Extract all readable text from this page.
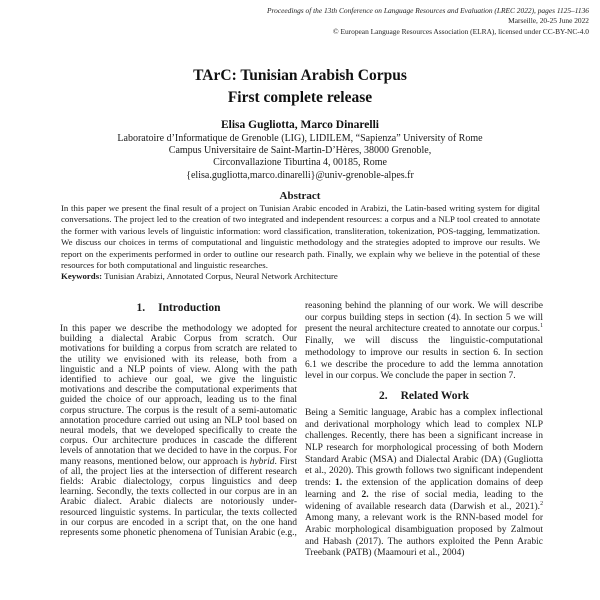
Proceedings of the 13th Conference on Language Resources and Evaluation (LREC 2022), pages 1125–1136
Marseille, 20-25 June 2022
© European Language Resources Association (ELRA), licensed under CC-BY-NC-4.0
TArC: Tunisian Arabish Corpus
First complete release
Elisa Gugliotta, Marco Dinarelli
Laboratoire d’Informatique de Grenoble (LIG), LIDILEM, “Sapienza” University of Rome
Campus Universitaire de Saint-Martin-D’Hères, 38000 Grenoble,
Circonvallazione Tiburtina 4, 00185, Rome
{elisa.gugliotta,marco.dinarelli}@univ-grenoble-alpes.fr
Abstract

In this paper we present the final result of a project on Tunisian Arabic encoded in Arabizi, the Latin-based writing system for digital conversations. The project led to the creation of two integrated and independent resources: a corpus and a NLP tool created to annotate the former with various levels of linguistic information: word classification, transliteration, tokenization, POS-tagging, lemmatization. We discuss our choices in terms of computational and linguistic methodology and the strategies adopted to improve our results. We report on the experiments performed in order to outline our research path. Finally, we explain why we believe in the potential of these resources for both computational and linguistic researches.

Keywords: Tunisian Arabizi, Annotated Corpus, Neural Network Architecture

1. Introduction

In this paper we describe the methodology we adopted for building a dialectal Arabic Corpus from scratch. Our motivations for building a corpus from scratch are related to the utility we envisioned with its release, both from a linguistic and a NLP points of view. Along with the path identified to achieve our goal, we give the linguistic motivations and describe the computational experiments that guided the choice of our approach, leading us to the final corpus structure. The corpus is the result of a semi-automatic annotation procedure carried out using an NLP tool based on neural models, that we developed specifically to create the corpus. Our architecture produces in cascade the different levels of annotation that we decided to have in the corpus. For many reasons, mentioned below, our approach is hybrid. First of all, the project lies at the intersection of different research fields: Arabic dialectology, corpus linguistics and deep learning. Secondly, the texts collected in our corpus are in an Arabic dialect. Arabic dialects are notoriously under-resourced linguistic systems. In particular, the texts collected in our corpus are encoded in a script that, on the one hand represents some phonetic phenomena of Tunisian Arabic (e.g.,

reasoning behind the planning of our work. We will describe our corpus building steps in section (4). In section 5 we will present the neural architecture created to annotate our corpus.$^1$ Finally, we will discuss the linguistic-computational methodology to improve our results in section 6. In section 6.1 we describe the procedure to add the lemma annotation level in our corpus. We conclude the paper in section 7.

2. Related Work

Being a Semitic language, Arabic has a complex inflectional and derivational morphology which lead to complex NLP challenges. Recently, there has been a significant increase in NLP research for morphological processing of both Modern Standard Arabic (MSA) and Dialectal Arabic (DA) (Gugliotta et al., 2020). This growth follows two significant independent trends: 1. the extension of the application domains of deep learning and 2. the rise of social media, leading to the widening of available research data (Darwish et al., 2021).$^2$ Among many, a relevant work is the RNN-based model for Arabic morphological disambiguation proposed by Zalmout and Habash (2017). The authors exploited the Penn Arabic Treebank (PATB) (Maamouri et al., 2004)
